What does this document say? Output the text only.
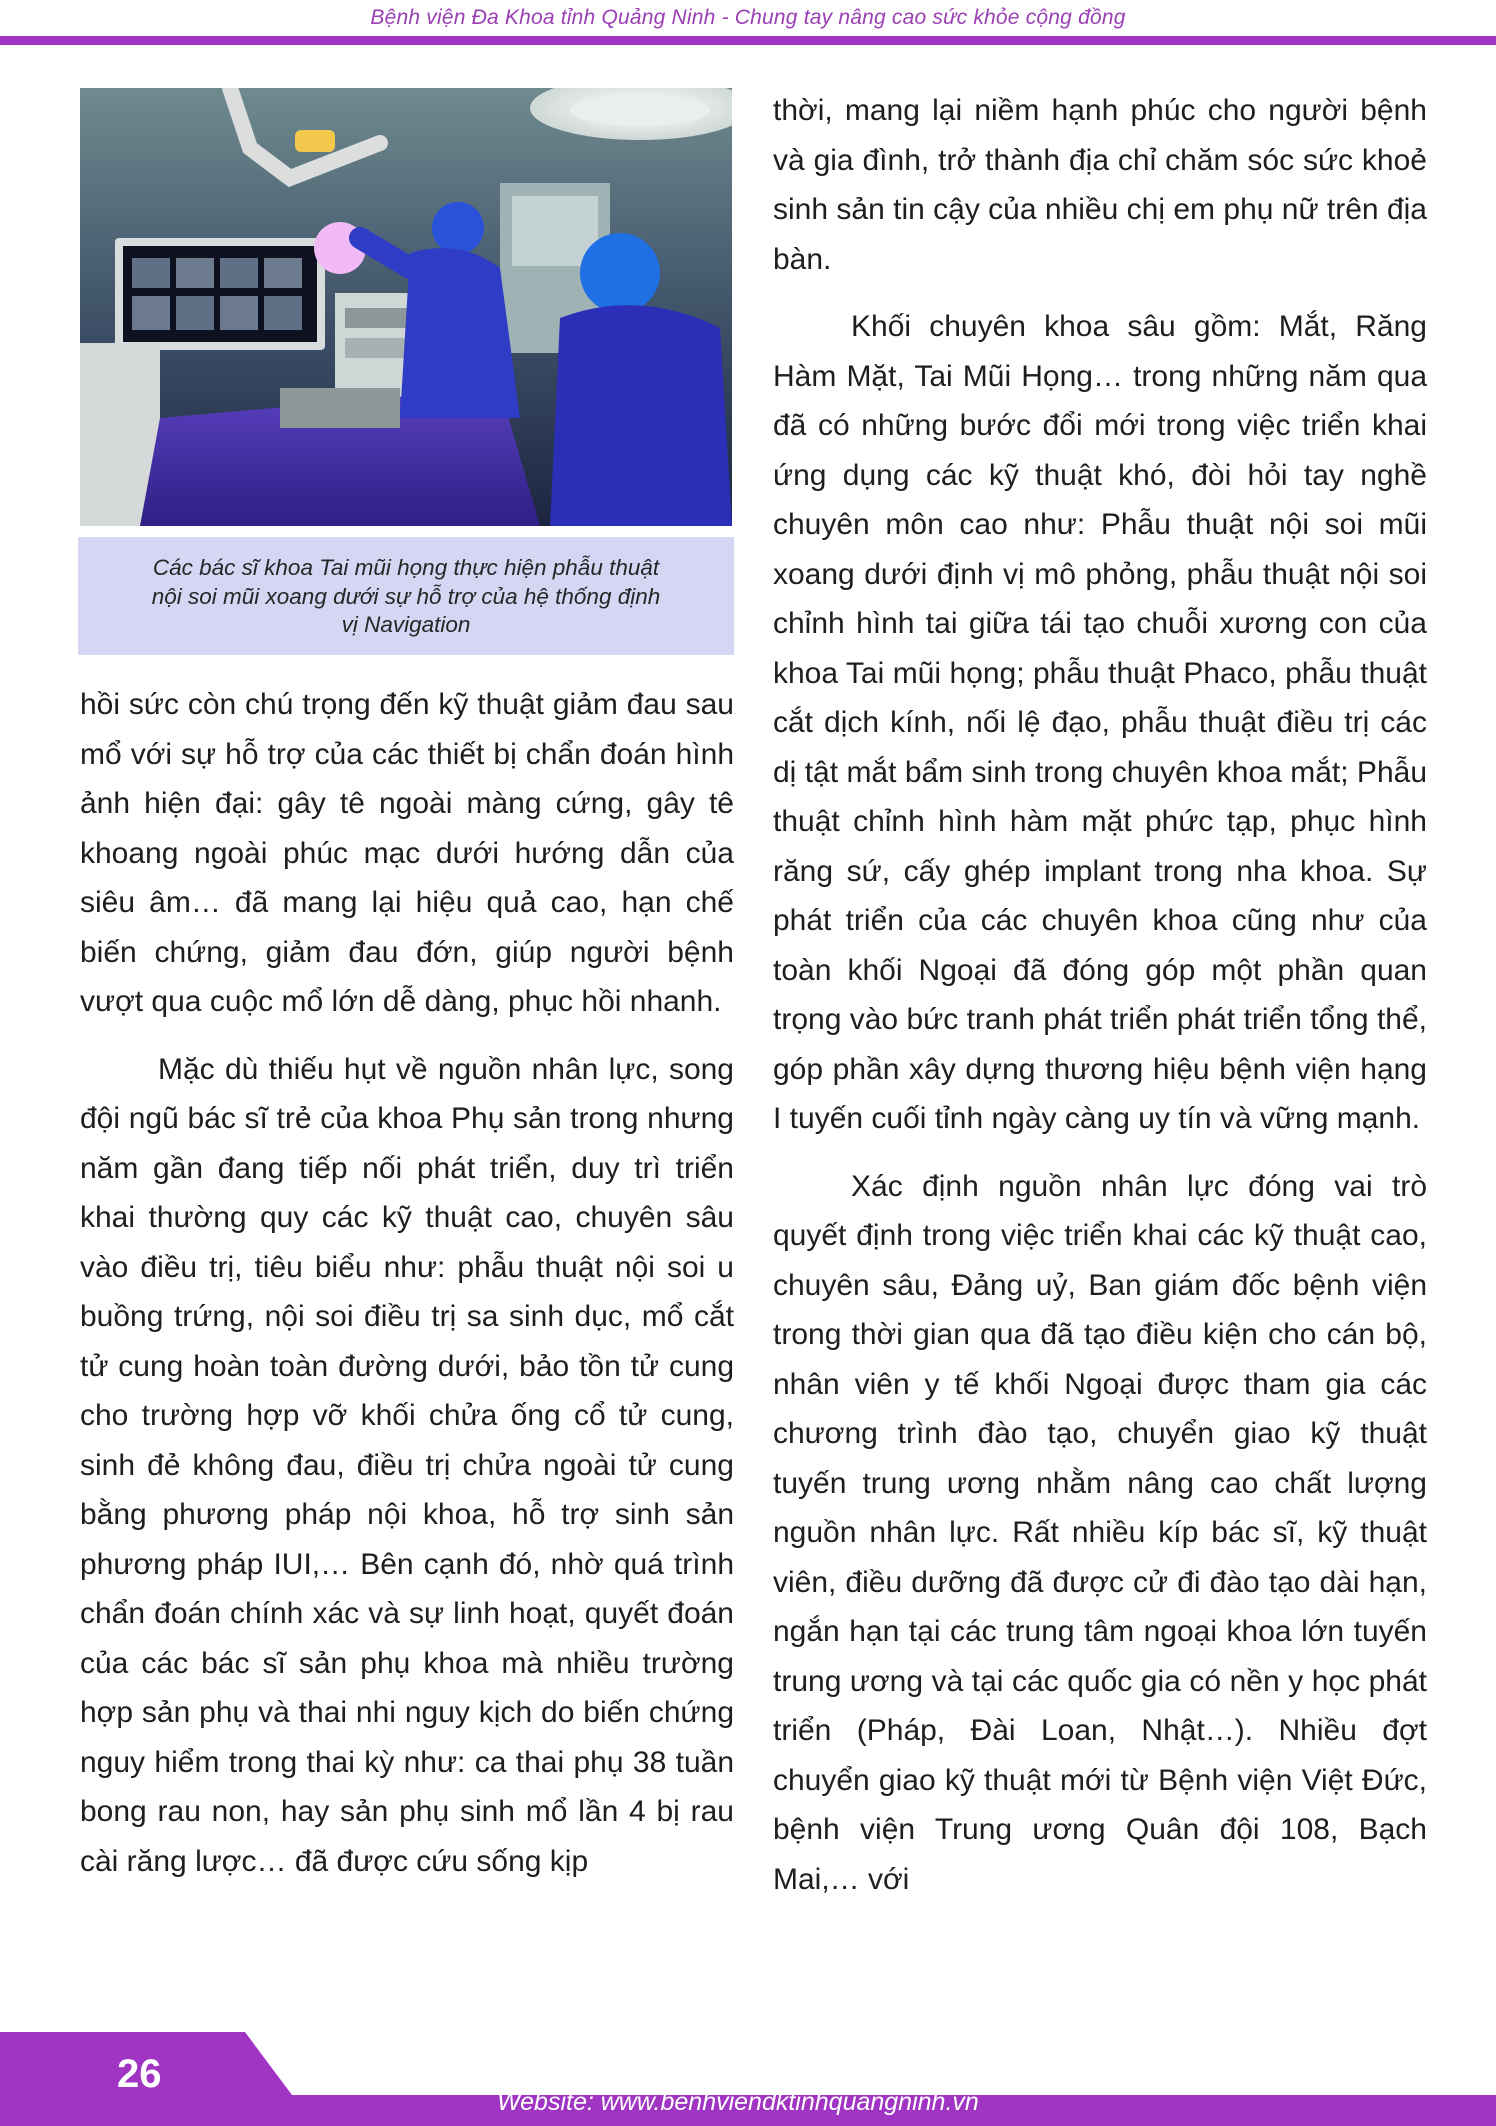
Bệnh viện Đa Khoa tỉnh Quảng Ninh - Chung tay nâng cao sức khỏe cộng đồng
Các bác sĩ khoa Tai mũi họng thực hiện phẫu thuật
nội soi mũi xoang dưới sự hỗ trợ của hệ thống định
vị Navigation

hồi sức còn chú trọng đến kỹ thuật giảm đau sau mổ với sự hỗ trợ của các thiết bị chẩn đoán hình ảnh hiện đại: gây tê ngoài màng cứng, gây tê khoang ngoài phúc mạc dưới hướng dẫn của siêu âm… đã mang lại hiệu quả cao, hạn chế biến chứng, giảm đau đớn, giúp người bệnh vượt qua cuộc mổ lớn dễ dàng, phục hồi nhanh.

Mặc dù thiếu hụt về nguồn nhân lực, song đội ngũ bác sĩ trẻ của khoa Phụ sản trong nhưng năm gần đang tiếp nối phát triển, duy trì triển khai thường quy các kỹ thuật cao, chuyên sâu vào điều trị, tiêu biểu như: phẫu thuật nội soi u buồng trứng, nội soi điều trị sa sinh dục, mổ cắt tử cung hoàn toàn đường dưới, bảo tồn tử cung cho trường hợp vỡ khối chửa ống cổ tử cung, sinh đẻ không đau, điều trị chửa ngoài tử cung bằng phương pháp nội khoa, hỗ trợ sinh sản phương pháp IUI,… Bên cạnh đó, nhờ quá trình chẩn đoán chính xác và sự linh hoạt, quyết đoán của các bác sĩ sản phụ khoa mà nhiều trường hợp sản phụ và thai nhi nguy kịch do biến chứng nguy hiểm trong thai kỳ như: ca thai phụ 38 tuần bong rau non, hay sản phụ sinh mổ lần 4 bị rau cài răng lược… đã được cứu sống kịp

thời, mang lại niềm hạnh phúc cho người bệnh và gia đình, trở thành địa chỉ chăm sóc sức khoẻ sinh sản tin cậy của nhiều chị em phụ nữ trên địa bàn.

Khối chuyên khoa sâu gồm: Mắt, Răng Hàm Mặt, Tai Mũi Họng… trong những năm qua đã có những bước đổi mới trong việc triển khai ứng dụng các kỹ thuật khó, đòi hỏi tay nghề chuyên môn cao như: Phẫu thuật nội soi mũi xoang dưới định vị mô phỏng, phẫu thuật nội soi chỉnh hình tai giữa tái tạo chuỗi xương con của khoa Tai mũi họng; phẫu thuật Phaco, phẫu thuật cắt dịch kính, nối lệ đạo, phẫu thuật điều trị các dị tật mắt bẩm sinh trong chuyên khoa mắt; Phẫu thuật chỉnh hình hàm mặt phức tạp, phục hình răng sứ, cấy ghép implant trong nha khoa. Sự phát triển của các chuyên khoa cũng như của toàn khối Ngoại đã đóng góp một phần quan trọng vào bức tranh phát triển phát triển tổng thể, góp phần xây dựng thương hiệu bệnh viện hạng I tuyến cuối tỉnh ngày càng uy tín và vững mạnh.

Xác định nguồn nhân lực đóng vai trò quyết định trong việc triển khai các kỹ thuật cao, chuyên sâu, Đảng uỷ, Ban giám đốc bệnh viện trong thời gian qua đã tạo điều kiện cho cán bộ, nhân viên y tế khối Ngoại được tham gia các chương trình đào tạo, chuyển giao kỹ thuật tuyến trung ương nhằm nâng cao chất lượng nguồn nhân lực. Rất nhiều kíp bác sĩ, kỹ thuật viên, điều dưỡng đã được cử đi đào tạo dài hạn, ngắn hạn tại các trung tâm ngoại khoa lớn tuyến trung ương và tại các quốc gia có nền y học phát triển (Pháp, Đài Loan, Nhật…). Nhiều đợt chuyển giao kỹ thuật mới từ Bệnh viện Việt Đức, bệnh viện Trung ương Quân đội 108, Bạch Mai,… với

26
Website: www.benhviendktinhquangninh.vn
